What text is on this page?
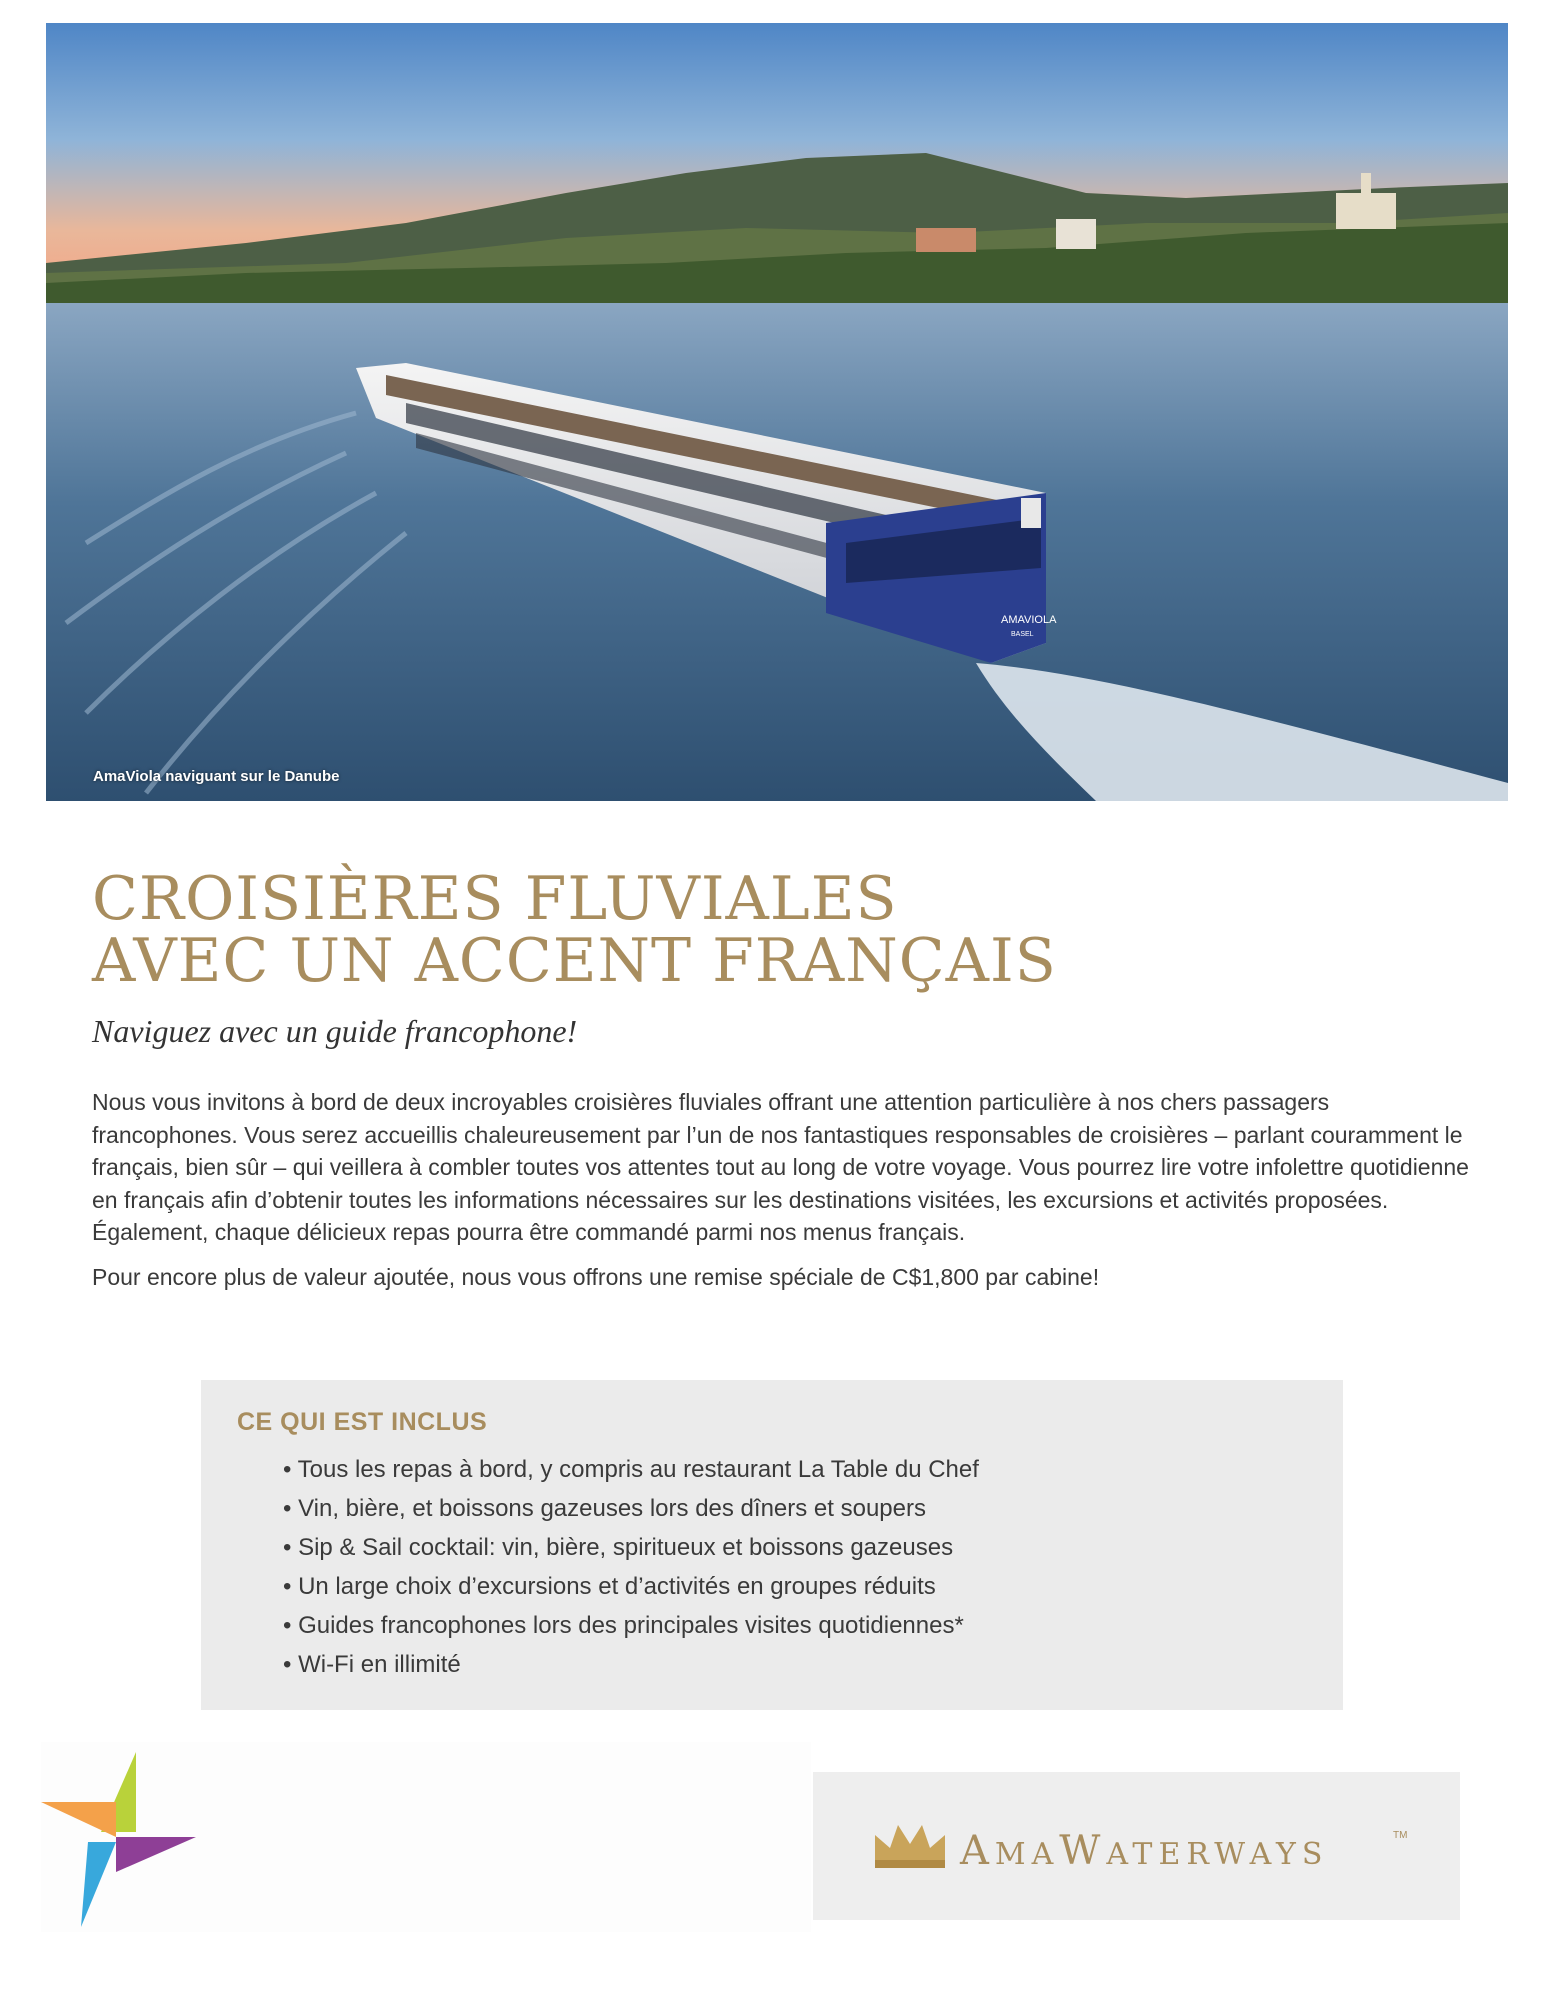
AMAVIOLA
BASEL
AmaViola naviguant sur le Danube
CROISIÈRES FLUVIALES
AVEC UN ACCENT FRANÇAIS

Naviguez avec un guide francophone!

Nous vous invitons à bord de deux incroyables croisières fluviales offrant une attention particulière à nos chers passagers francophones. Vous serez accueillis chaleureusement par l’un de nos fantastiques responsables de croisières – parlant couramment le français, bien sûr – qui veillera à combler toutes vos attentes tout au long de votre voyage. Vous pourrez lire votre infolettre quotidienne en français afin d’obtenir toutes les informations nécessaires sur les destinations visitées, les excursions et activités proposées. Également, chaque délicieux repas pourra être commandé parmi nos menus français.

Pour encore plus de valeur ajoutée, nous vous offrons une remise spéciale de C$1,800 par cabine!

CE QUI EST INCLUS
• Tous les repas à bord, y compris au restaurant La Table du Chef
• Vin, bière, et boissons gazeuses lors des dîners et soupers
• Sip & Sail cocktail: vin, bière, spiritueux et boissons gazeuses
• Un large choix d’excursions et d’activités en groupes réduits
• Guides francophones lors des principales visites quotidiennes*
• Wi-Fi en illimité
AMAWATERWAYS
TM
